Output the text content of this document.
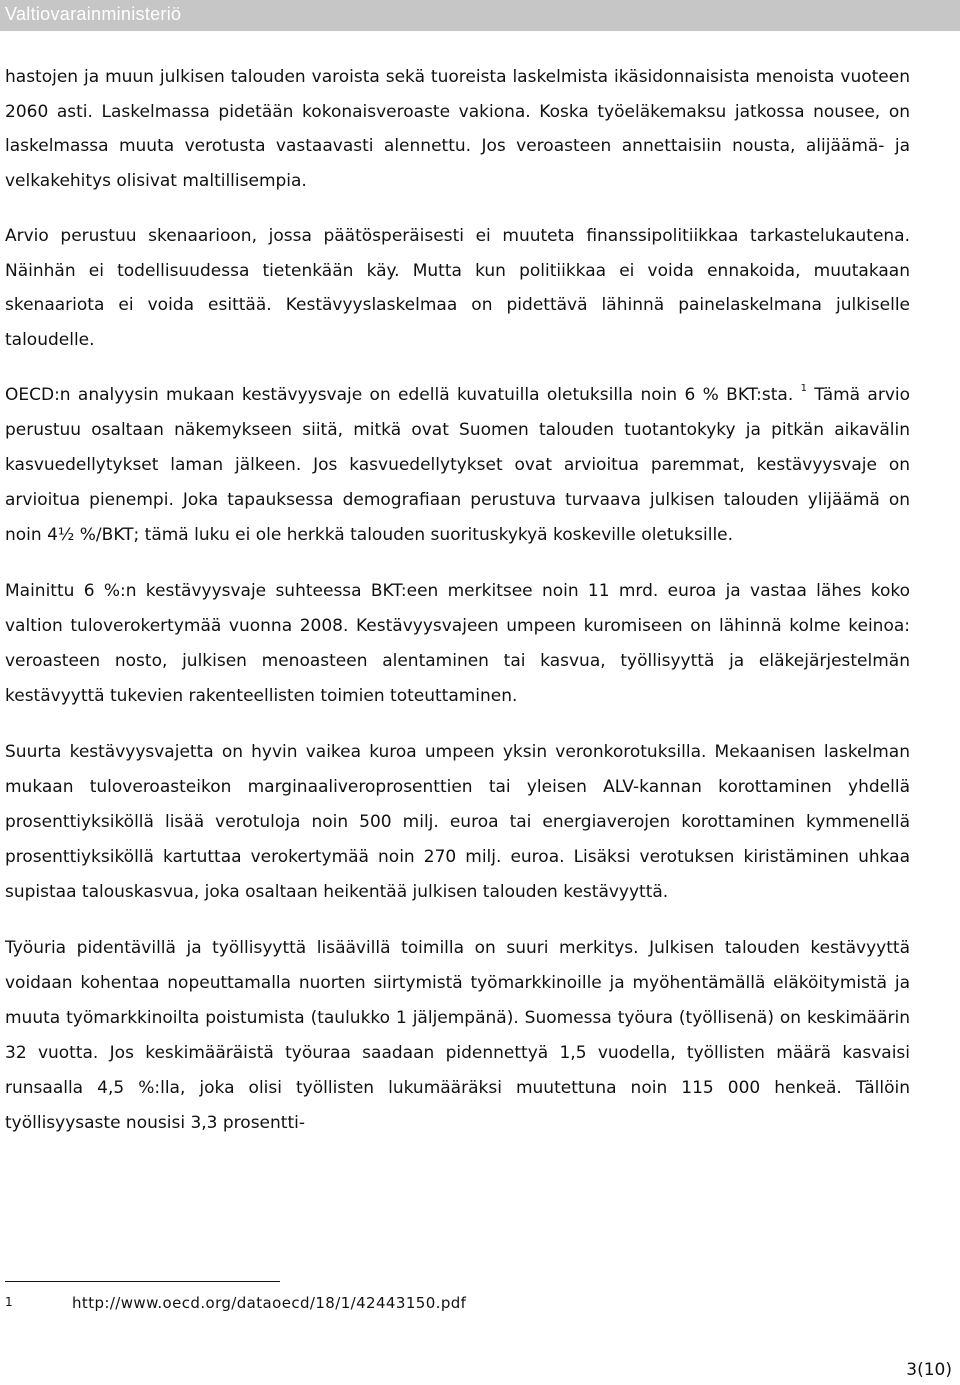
Valtiovarainministeriö

hastojen ja muun julkisen talouden varoista sekä tuoreista laskelmista ikäsidonnaisista menoista vuoteen 2060 asti. Laskelmassa pidetään kokonaisveroaste vakiona. Koska työeläkemaksu jatkossa nousee, on laskelmassa muuta verotusta vastaavasti alennettu. Jos veroasteen annettaisiin nousta, alijäämä- ja velkakehitys olisivat maltillisempia.

Arvio perustuu skenaarioon, jossa päätösperäisesti ei muuteta finanssipolitiikkaa tarkastelukautena. Näinhän ei todellisuudessa tietenkään käy. Mutta kun politiikkaa ei voida ennakoida, muutakaan skenaariota ei voida esittää. Kestävyyslaskelmaa on pidettävä lähinnä painelaskelmana julkiselle taloudelle.

OECD:n analyysin mukaan kestävyysvaje on edellä kuvatuilla oletuksilla noin 6 % BKT:sta. $^1$ Tämä arvio perustuu osaltaan näkemykseen siitä, mitkä ovat Suomen talouden tuotantokyky ja pitkän aikavälin kasvuedellytykset laman jälkeen. Jos kasvuedellytykset ovat arvioitua paremmat, kestävyysvaje on arvioitua pienempi. Joka tapauksessa demografiaan perustuva turvaava julkisen talouden ylijäämä on noin 4½ %/BKT; tämä luku ei ole herkkä talouden suorituskykyä koskeville oletuksille.

Mainittu 6 %:n kestävyysvaje suhteessa BKT:een merkitsee noin 11 mrd. euroa ja vastaa lähes koko valtion tuloverokertymää vuonna 2008. Kestävyysvajeen umpeen kuromiseen on lähinnä kolme keinoa: veroasteen nosto, julkisen menoasteen alentaminen tai kasvua, työllisyyttä ja eläkejärjestelmän kestävyyttä tukevien rakenteellisten toimien toteuttaminen.

Suurta kestävyysvajetta on hyvin vaikea kuroa umpeen yksin veronkorotuksilla. Mekaanisen laskelman mukaan tuloveroasteikon marginaaliveroprosenttien tai yleisen ALV-kannan korottaminen yhdellä prosenttiyksiköllä lisää verotuloja noin 500 milj. euroa tai energiaverojen korottaminen kymmenellä prosenttiyksiköllä kartuttaa verokertymää noin 270 milj. euroa. Lisäksi verotuksen kiristäminen uhkaa supistaa talouskasvua, joka osaltaan heikentää julkisen talouden kestävyyttä.

Työuria pidentävillä ja työllisyyttä lisäävillä toimilla on suuri merkitys. Julkisen talouden kestävyyttä voidaan kohentaa nopeuttamalla nuorten siirtymistä työmarkkinoille ja myöhentämällä eläköitymistä ja muuta työmarkkinoilta poistumista (taulukko 1 jäljempänä). Suomessa työura (työllisenä) on keskimäärin 32 vuotta. Jos keskimääräistä työuraa saadaan pidennettyä 1,5 vuodella, työllisten määrä kasvaisi runsaalla 4,5 %:lla, joka olisi työllisten lukumääräksi muutettuna noin 115 000 henkeä. Tällöin työllisyysaste nousisi 3,3 prosentti-

1	http://www.oecd.org/dataoecd/18/1/42443150.pdf
3(10)
